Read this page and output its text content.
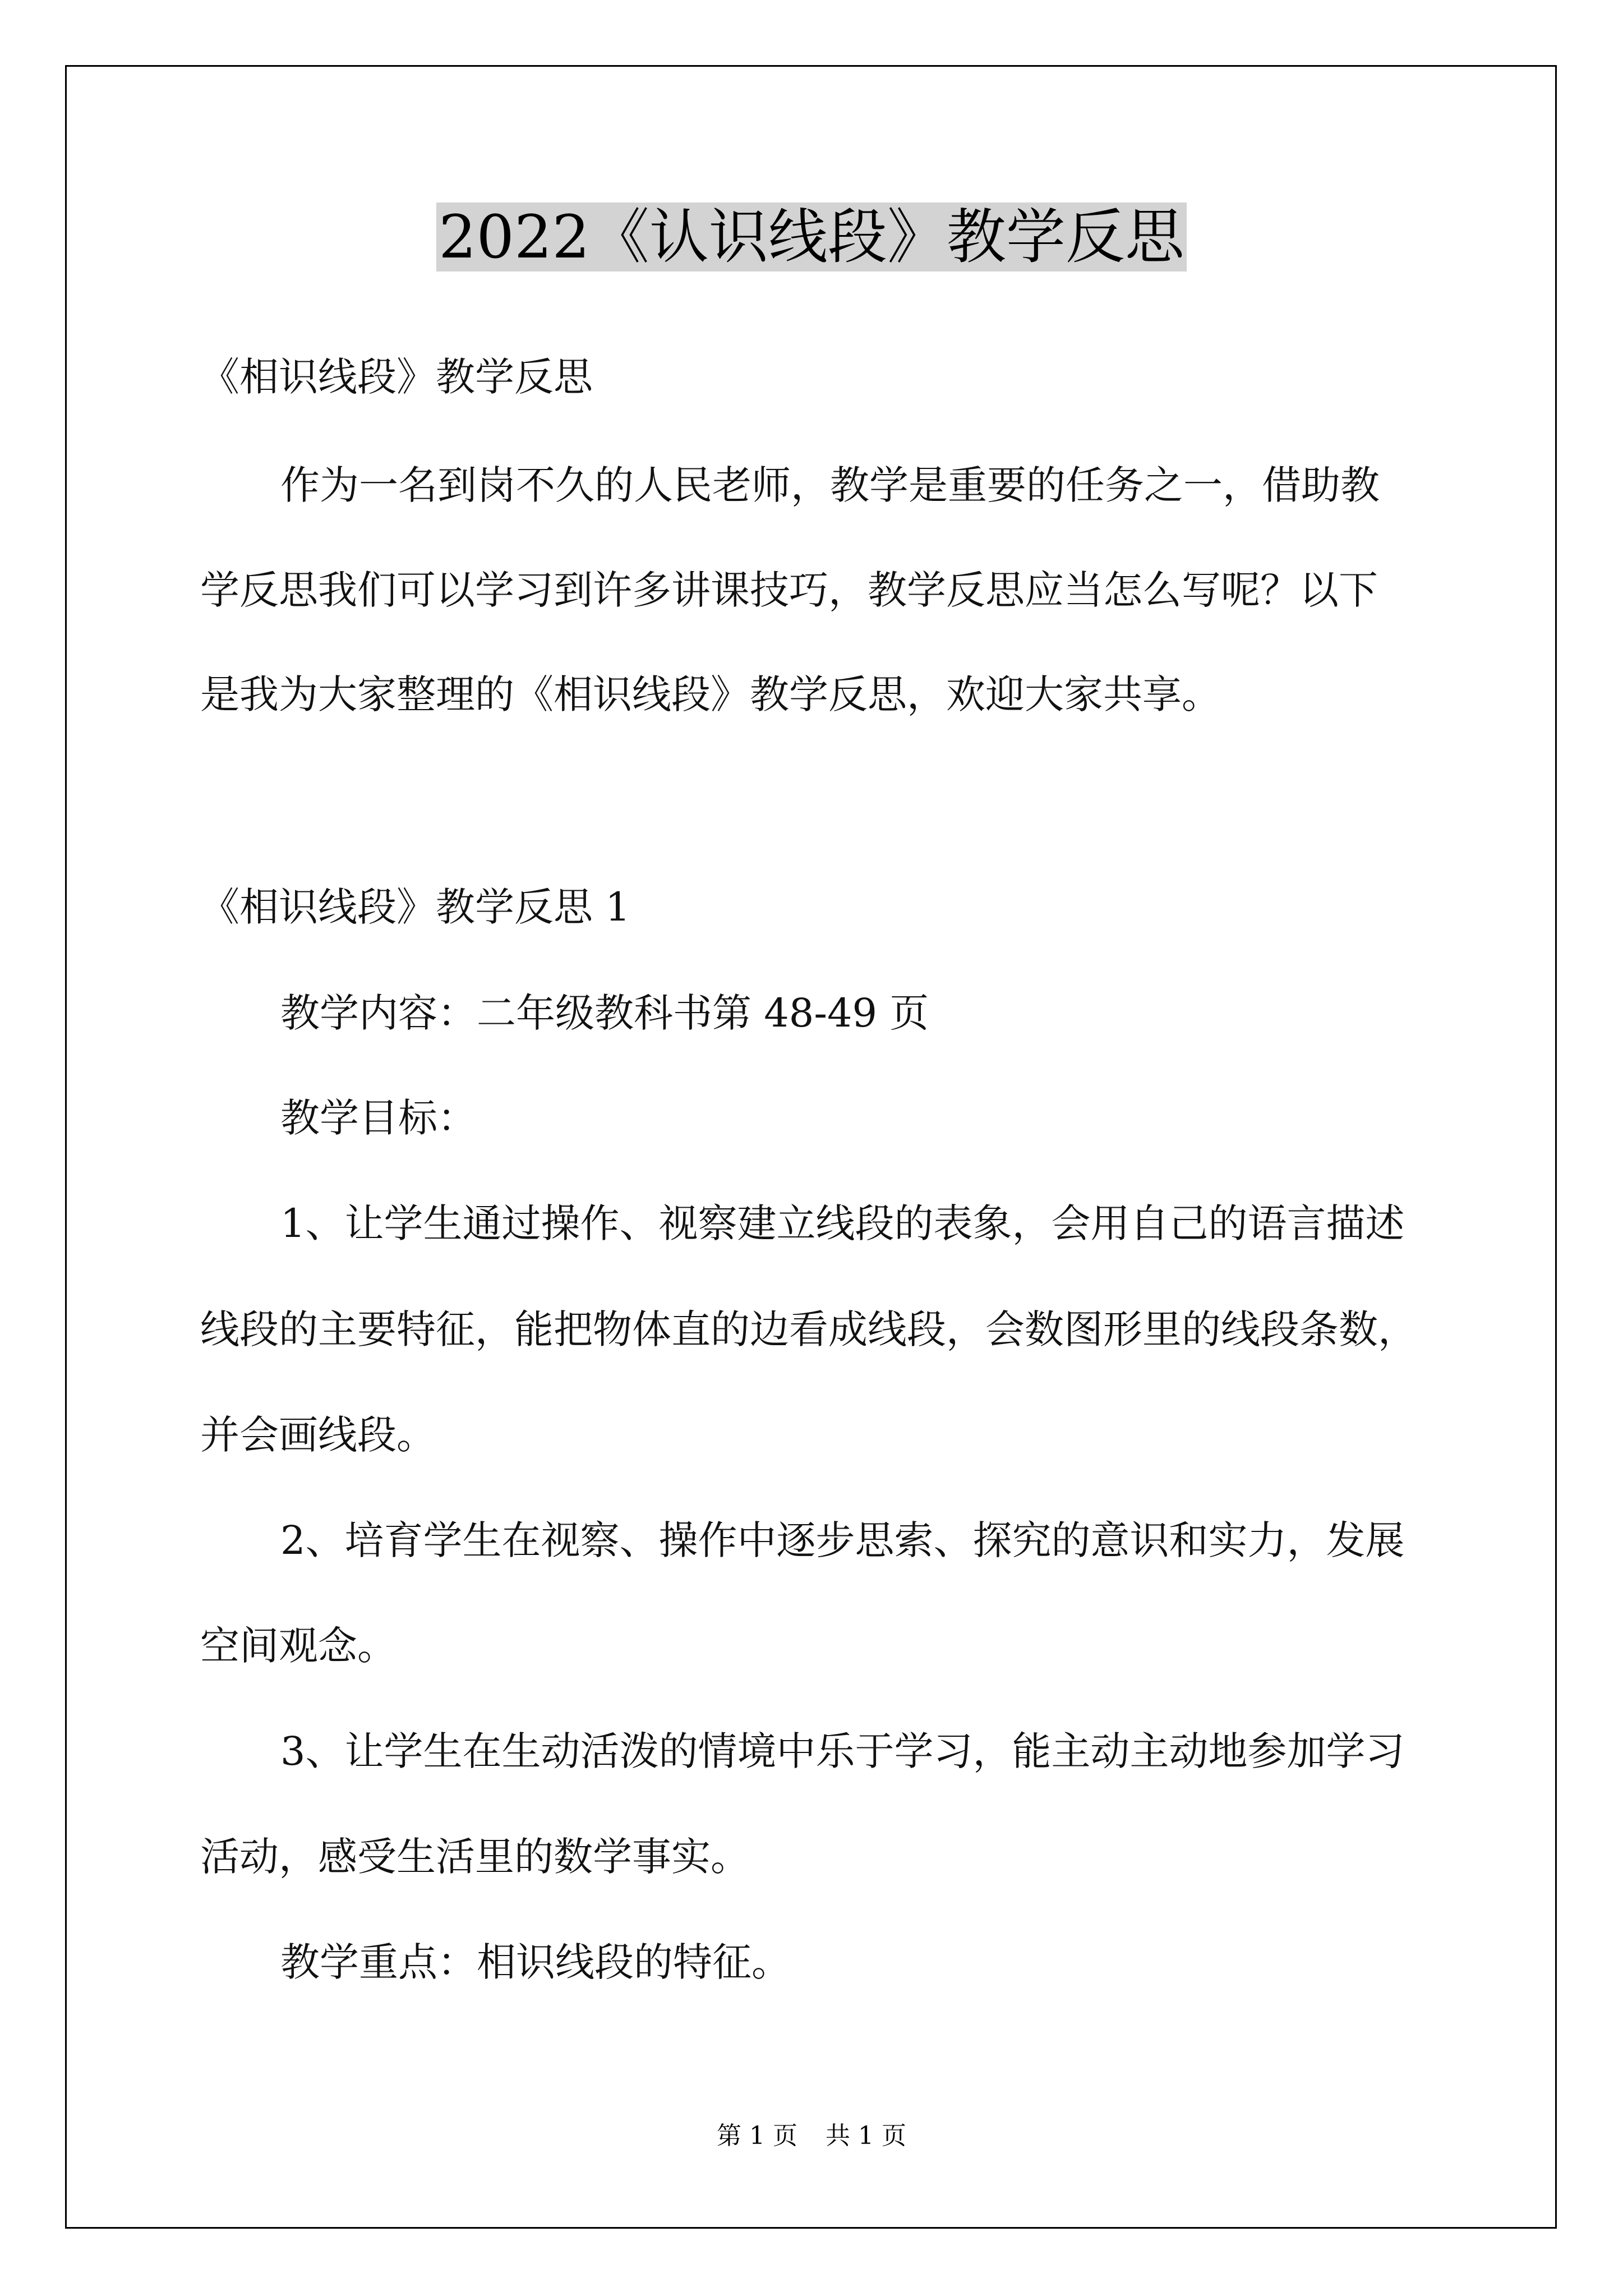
2022《认识线段》教学反思
《相识线段》教学反思
作为一名到岗不久的人民老师，教学是重要的任务之一，借助教
学反思我们可以学习到许多讲课技巧，教学反思应当怎么写呢？以下
是我为大家整理的《相识线段》教学反思，欢迎大家共享。
《相识线段》教学反思 1
教学内容：二年级教科书第 48-49 页
教学目标：
1、让学生通过操作、视察建立线段的表象，会用自己的语言描述
线段的主要特征，能把物体直的边看成线段，会数图形里的线段条数，
并会画线段。
2、培育学生在视察、操作中逐步思索、探究的意识和实力，发展
空间观念。
3、让学生在生动活泼的情境中乐于学习，能主动主动地参加学习
活动，感受生活里的数学事实。
教学重点：相识线段的特征。
第 1 页 共 1 页
